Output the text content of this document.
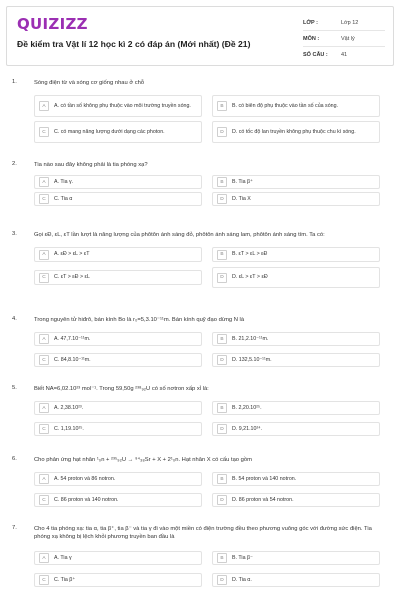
QUIZIZZ
Đề kiểm tra Vật lí 12 học kì 2 có đáp án (Mới nhất) (Đề 21)
LỚP :	Lớp 12
MÔN :	Vật lý
SỐ CÂU :	41
1.	Sóng điện từ và sóng cơ giống nhau ở chỗ
A	A. có tần số không phụ thuộc vào môi trường truyền sóng.	B	B. có biên độ phụ thuộc vào tần số của sóng.
C	C. có mang năng lượng dưới dạng các photon.	D	D. có tốc độ lan truyền không phụ thuộc chu kì sóng.
2.	Tia nào sau đây không phải là tia phóng xạ?
A	A. Tia γ.	B	B. Tia β⁺
C	C. Tia α	D	D. Tia X
3.	Gọi εĐ, εL, εT lần lượt là năng lượng của phôtôn ánh sáng đỏ, phôtôn ánh sáng lam, phôtôn ánh sáng tím. Ta có:
A	A. εĐ > εL > εT	B	B. εT > εL > εĐ
C	C. εT > εĐ > εL	D	D. εL > εT > εĐ
4.	Trong nguyên tử hiđrô, bán kính Bo là r₀=5,3.10⁻¹¹m. Bán kính quỹ đạo dừng N là
A	A. 47,7.10⁻¹¹m.	B	B. 21,2.10⁻¹¹m.
C	C. 84,8.10⁻¹¹m.	D	D. 132,5.10⁻¹¹m.
5.	Biết NA=6,02.10²³ mol⁻¹. Trong 59,50g ²³⁸₉₂U có số nơtron xấp xỉ là:
A	A. 2,38.10²³.	B	B. 2,20.10²⁵.
C	C. 1,19.10²⁵.	D	D. 9,21.10²⁴.
6.	Cho phản ứng hạt nhân ¹₀n + ²³⁵₉₂U → ⁹⁴₃₈Sr + X + 2¹₀n. Hạt nhân X có cấu tạo gồm
A	A. 54 proton và 86 notron.	B	B. 54 proton và 140 notron.
C	C. 86 proton và 140 notron.	D	D. 86 proton và 54 notron.
7.	Cho 4 tia phóng xạ: tia α, tia β⁺, tia β⁻ và tia γ đi vào một miền có điện trường đều theo phương vuông góc với đường sức điện. Tia phóng xạ không bị lệch khỏi phương truyền ban đầu là
A	A. Tia γ	B	B. Tia β⁻
C	C. Tia β⁺	D	D. Tia α.
